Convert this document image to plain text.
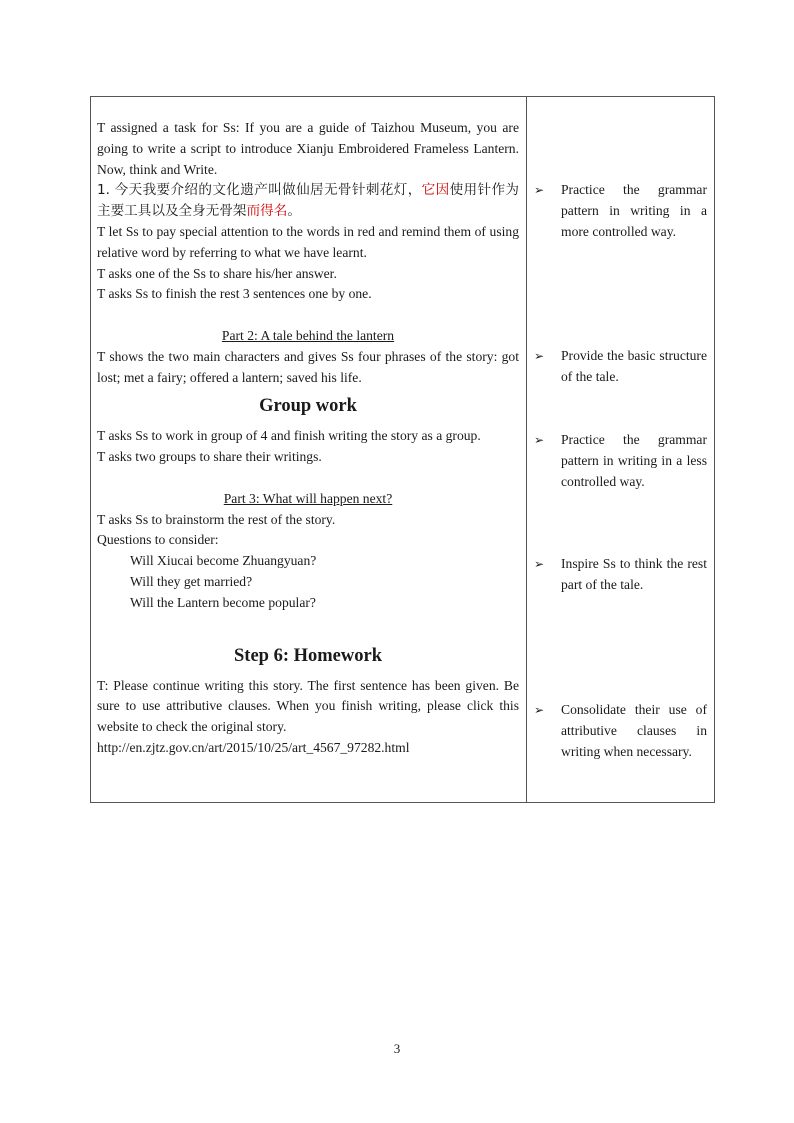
T assigned a task for Ss: If you are a guide of Taizhou Museum, you are going to write a script to introduce Xianju Embroidered Frameless Lantern. Now, think and Write.

1. 今天我要介绍的文化遗产叫做仙居无骨针刺花灯，它因使用针作为主要工具以及全身无骨架而得名。

T let Ss to pay special attention to the words in red and remind them of using relative word by referring to what we have learnt.

T asks one of the Ss to share his/her answer.

T asks Ss to finish the rest 3 sentences one by one.

Part 2: A tale behind the lantern

T shows the two main characters and gives Ss four phrases of the story: got lost; met a fairy; offered a lantern; saved his life.

Group work

T asks Ss to work in group of 4 and finish writing the story as a group.

T asks two groups to share their writings.

Part 3: What will happen next?

T asks Ss to brainstorm the rest of the story.

Questions to consider:

Will Xiucai become Zhuangyuan?

Will they get married?

Will the Lantern become popular?

Step 6: Homework

T: Please continue writing this story. The first sentence has been given. Be sure to use attributive clauses. When you finish writing, please click this website to check the original story.

http://en.zjtz.gov.cn/art/2015/10/25/art_4567_97282.html

➢ Practice the grammar pattern in writing in a more controlled way.

➢ Provide the basic structure of the tale.

➢ Practice the grammar pattern in writing in a less controlled way.

➢ Inspire Ss to think the rest part of the tale.

➢ Consolidate their use of attributive clauses in writing when necessary.

3
